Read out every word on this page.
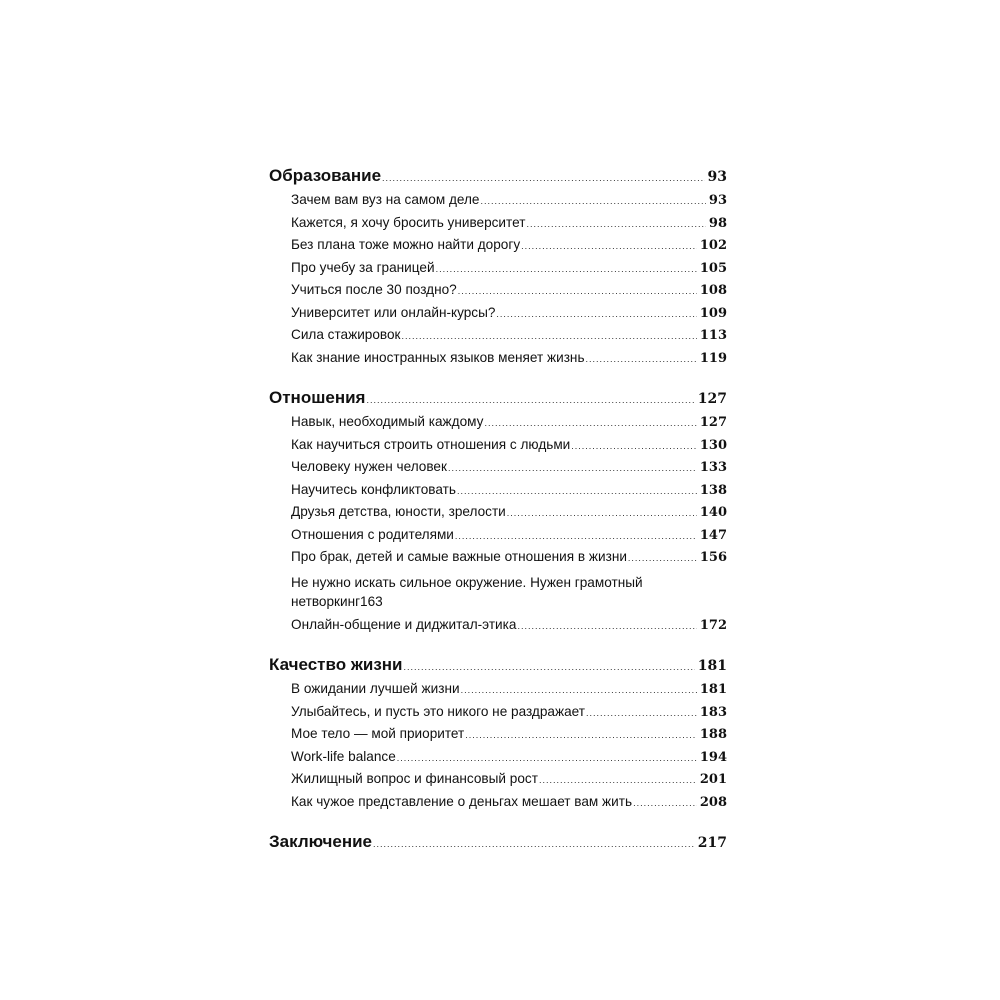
Образование .....	93
Зачем вам вуз на самом деле .....	93
Кажется, я хочу бросить университет .....	98
Без плана тоже можно найти дорогу .....	102
Про учебу за границей .....	105
Учиться после 30 поздно? .....	108
Университет или онлайн-курсы? .....	109
Сила стажировок .....	113
Как знание иностранных языков меняет жизнь .....	119
Отношения .....	127
Навык, необходимый каждому .....	127
Как научиться строить отношения с людьми .....	130
Человеку нужен человек .....	133
Научитесь конфликтовать .....	138
Друзья детства, юности, зрелости .....	140
Отношения с родителями .....	147
Про брак, детей и самые важные отношения в жизни .....	156
Не нужно искать сильное окружение. Нужен грамотный
нетворкинг 163
Онлайн-общение и диджитал-этика .....	172
Качество жизни .....	181
В ожидании лучшей жизни .....	181
Улыбайтесь, и пусть это никого не раздражает .....	183
Мое тело — мой приоритет .....	188
Work-life balance .....	194
Жилищный вопрос и финансовый рост .....	201
Как чужое представление о деньгах мешает вам жить .....	208
Заключение .....	217
